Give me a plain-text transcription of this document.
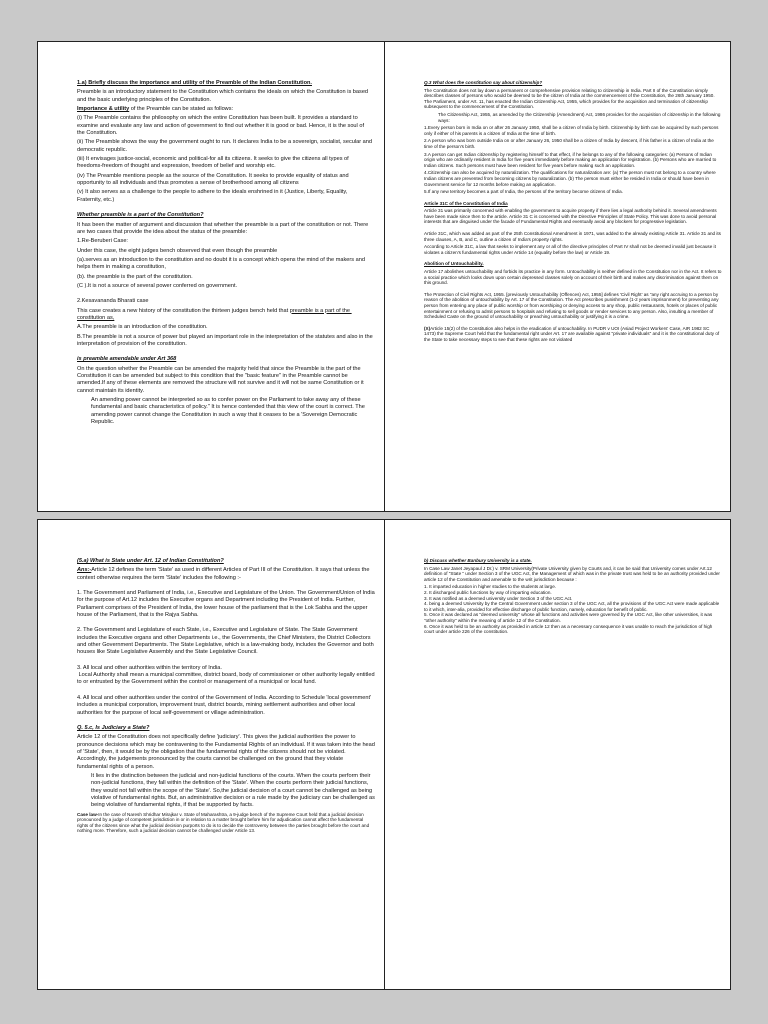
1.a) Briefly discuss the importance and utility of the Preamble of the Indian Constitution.

Preamble is an introductory statement to the Constitution which contains the ideals on which the Constitution is based and the basic underlying principles of the Constitution.

Importance & utility of the Preamble can be stated as follows:

(i) The Preamble contains the philosophy on which the entire Constitution has been built. It provides a standard to examine and evaluate any law and action of government to find out whether it is good or bad. Hence, it is the soul of the Constitution.

(ii) The Preamble shows the way the government ought to run. It declares India to be a sovereign, socialist, secular and democratic republic.

(iii) It envisages justice-social, economic and political-for all its citizens. It seeks to give the citizens all types of freedoms-freedom of thought and expression, freedom of belief and worship etc.

(iv) The Preamble mentions people as the source of the Constitution. It seeks to provide equality of status and opportunity to all individuals and thus promotes a sense of brotherhood among all citizens

(v) It also serves as a challenge to the people to adhere to the ideals enshrined in it (Justice, Liberty, Equality, Fraternity, etc.)

Whether preamble is a part of the Constitution?

It has been the matter of argument and discussion that whether the preamble is a part of the constitution or not. There are two cases that provide the idea about the status of the preamble:

1.Re-Beruberi Case:

Under this case, the eight judges bench observed that even though the preamble

(a).serves as an introduction to the constitution and no doubt it is a concept which opens the mind of the makers and helps them in making a constitution,

(b). the preamble is the part of the constitution.

(C ).It is not a source of several power conferred on government.

2.Kesavananda Bharati case

This case creates a new history of the constitution the thirteen judges bench held that preamble is a part of the constitution as,

A.The preamble is an introduction of the constitution.

B.The preamble is not a source of power but played an important role in the interpretation of the statutes and also in the interpretation of provision of the constitution.

is preamble amendable under Art 368

On the question whether the Preamble can be amended the majority held that since the Preamble is the part of the Constitution it can be amended but subject to this condition that the "basic feature" in the Preamble cannot be amended.If any of these elements are removed the structure will not survive and it will not be same Constitution or it cannot maintain its identity.

An amending power cannot be interpreted so as to confer power on the Parliament to take away any of these fundamental and basic characteristics of policy." It is hence contended that this view of the court is correct. The amending power cannot change the Constitution in such a way that it ceases to be a 'Sovereign Democratic Republic.

Q.3 What does the constitution say about citizenship?

The Constitution does not lay down a permanent or comprehensive provision relating to citizenship in India. Part II of the Constitution simply describes classes of persons who would be deemed to be the citizen of India at the commencement of the Constitution, the 26th January 1950. The Parliament, under Art. 11, has enacted the Indian Citizenship Act, 1955, which provides for the acquisition and termination of citizenship subsequent to the commencement of the Constitution.

The Citizenship Act, 1955, as amended by the Citizenship (Amendment) Act, 1986 provides for the acquisition of citizenship in the following ways:

1.Every person born in India on or after 26 January 1950, shall be a citizen of India by birth. Citizenship by birth can be acquired by such persons only if either of his parents is a citizen of India at the time of birth.

2.A person who was born outside India on or after January 26, 1950 shall be a citizen of India by descent, if his father is a citizen of India at the time of the person's birth.

3.A person can get Indian citizenship by registering himself to that effect, if he belongs to any of the following categories: (a) Persons of Indian origin who are ordinarily resident in India for five years immediately before making an application for registration. (b) Persons who are married to Indian citizens. Such persons must have been resident for five years before making such an application.

4.Citizenship can also be acquired by naturalization. The qualifications for naturalization are: (a) The person must not belong to a country where Indian citizens are prevented from becoming citizens by naturalization. (b) The person must either be resided in India or should have been in Government service for 12 months before making an application.

5.If any new territory becomes a part of India, the persons of the territory become citizens of India.

Article 31C of the Constitution of India

Article 31 was primarily concerned with enabling the government to acquire property if there lies a legal authority behind it. Several amendments have been made since then to the article. Article 31 C is concerned with the Directive Principles of State Policy. This was done to avoid personal interests that are disguised under the facade of Fundamental Rights and eventually avoid any blockers for progressive legislation.

Article 31C, which was added as part of the 25th Constitutional Amendment in 1971, was added to the already existing Article 31. Article 31 and its three clauses, A, B, and C, outline a citizen of India's property rights.

According to Article 31C, a law that seeks to implement any or all of the directive principles of Part IV shall not be deemed invalid just because it violates a citizen's fundamental rights under Article 14 (equality before the law) or Article 19.

Abolition of Untouchability.

Article 17 abolishes untouchability and forbids its practice in any form. Untouchability is neither defined in the Constitution nor in the Act. It refers to a social practice which looks down upon certain depressed classes solely on account of their birth and makes any discrimination against them on this ground.

The Protection of Civil Rights Act, 1955. [previously Untouchability (Offences) Act, 1955] defines 'Civil Right' as "any right accruing to a person by reason of the abolition of untouchability by Art. 17 of the Constitution. The Act prescribes punishment (1-2 years imprisonment) for preventing any person from entering any place of public worship or from worshiping or denying access to any shop, public restaurants, hotels or places of public entertainment or refusing to admit persons to hospitals and refusing to sell goods or render services to any person. Also, insulting a member of Scheduled Caste on the ground of untouchability or preaching untouchability or justifying it is a crime.

(X)Article 15(2) of the Constitution also helps in the eradication of untouchability. In PUDR v UOI (Asiad Project Workers' Case, AIR 1982 SC 1473) the Supreme Court held that the fundamental right under Art. 17 are available against "private individuals" and it is the constitutional duty of the State to take necessary steps to see that these rights are not violated

(5.a) What is State under Art. 12 of Indian Constitution?

Ans:-Article 12 defines the term 'State' as used in different Articles of Part III of the Constitution. It says that unless the context otherwise requires the term 'State' includes the following :-

1. The Government and Parliament of India, i.e., Executive and Legislature of the Union. The Government/Union of India for the purpose of Art.12 includes the Executive organs and Department including the President of India. Further, Parliament comprises of the President of India, the lower house of the parliament that is the Lok Sabha and the upper house of the Parliament, that is the Rajya Sabha.

2. The Government and Legislature of each State, i.e., Executive and Legislature of State. The State Government includes the Executive organs and other Departments i.e., the Governments, the Chief Ministers, the District Collectors and other Government Departments. The State Legislative, which is a law-making body, includes the Governor and both houses like State Legislative Assembly and the State Legislative Council.

3. All local and other authorities within the territory of India.
Local Authority shall mean a municipal committee, district board, body of commissioner or other authority legally entitled to or entrusted by the Government within the control or management of a municipal or local fund.

4. All local and other authorities under the control of the Government of India. According to Schedule 'local government' includes a municipal corporation, improvement trust, district boards, mining settlement authorities and other local authorities for the purpose of local self-government or village administration.

Q. 5.c, Is Judiciary a State?

Article 12 of the Constitution does not specifically define 'judiciary'. This gives the judicial authorities the power to pronounce decisions which may be contravening to the Fundamental Rights of an individual. If it was taken into the head of 'State', then, it would be by the obligation that the fundamental rights of the citizens should not be violated. Accordingly, the judgements pronounced by the courts cannot be challenged on the ground that they violate fundamental rights of a person.

It lies in the distinction between the judicial and non-judicial functions of the courts. When the courts perform their non-judicial functions, they fall within the definition of the 'State'. When the courts perform their judicial functions, they would not fall within the scope of the 'State'. So,the judicial decision of a court cannot be challenged as being violative of fundamental rights. But, an administrative decision or a rule made by the judiciary can be challenged as being violative of fundamental rights, if that be supported by facts.

Case law-In the case of Naresh Shridhar Mirajkar v. State of Maharashtra, a 9-judge bench of the Supreme Court held that a judicial decision pronounced by a judge of competent jurisdiction in or in relation to a matter brought before him for adjudication cannot affect the fundamental rights of the citizens since what the judicial decision purports to do is to decide the controversy between the parties brought before the court and nothing more. Therefore, such a judicial decision cannot be challenged under Article 13.

b) Discuss whether Banbury University is a state.

In Case Law Janet Jeyapaul J Dr.) v. SRM University(Private University given by Courts and, it can be said that University comes under Art.12 definition of "State " under Section 3 of the UGC Act, the Management of which was in the private trust was held to be an authority provided under article 12 of the Constitution and amenable to the writ jurisdiction because :

1. It imparted education in higher studies to the students at large.

2. It discharged public functions by way of imparting education.

3. It was notified as a deemed university under Section 3 of the UGC Act.

4. being a deemed University by the Central Government under section 3 of the UGC Act, all the provisions of the UGC Act were made applicable to it which, inter-alia, provided for effective discharge of public function, namely, education for benefit of public.

5. Once it was declared as "deemed university" whose all functions and activities were governed by the UGC Act, like other universities, it was "other authority" within the meaning of article 12 of the Constitution.

6. Once it was held to be an authority as provided in article 12 then as a necessary consequence it was unable to reach the jurisdiction of high court under article 226 of the constitution.
